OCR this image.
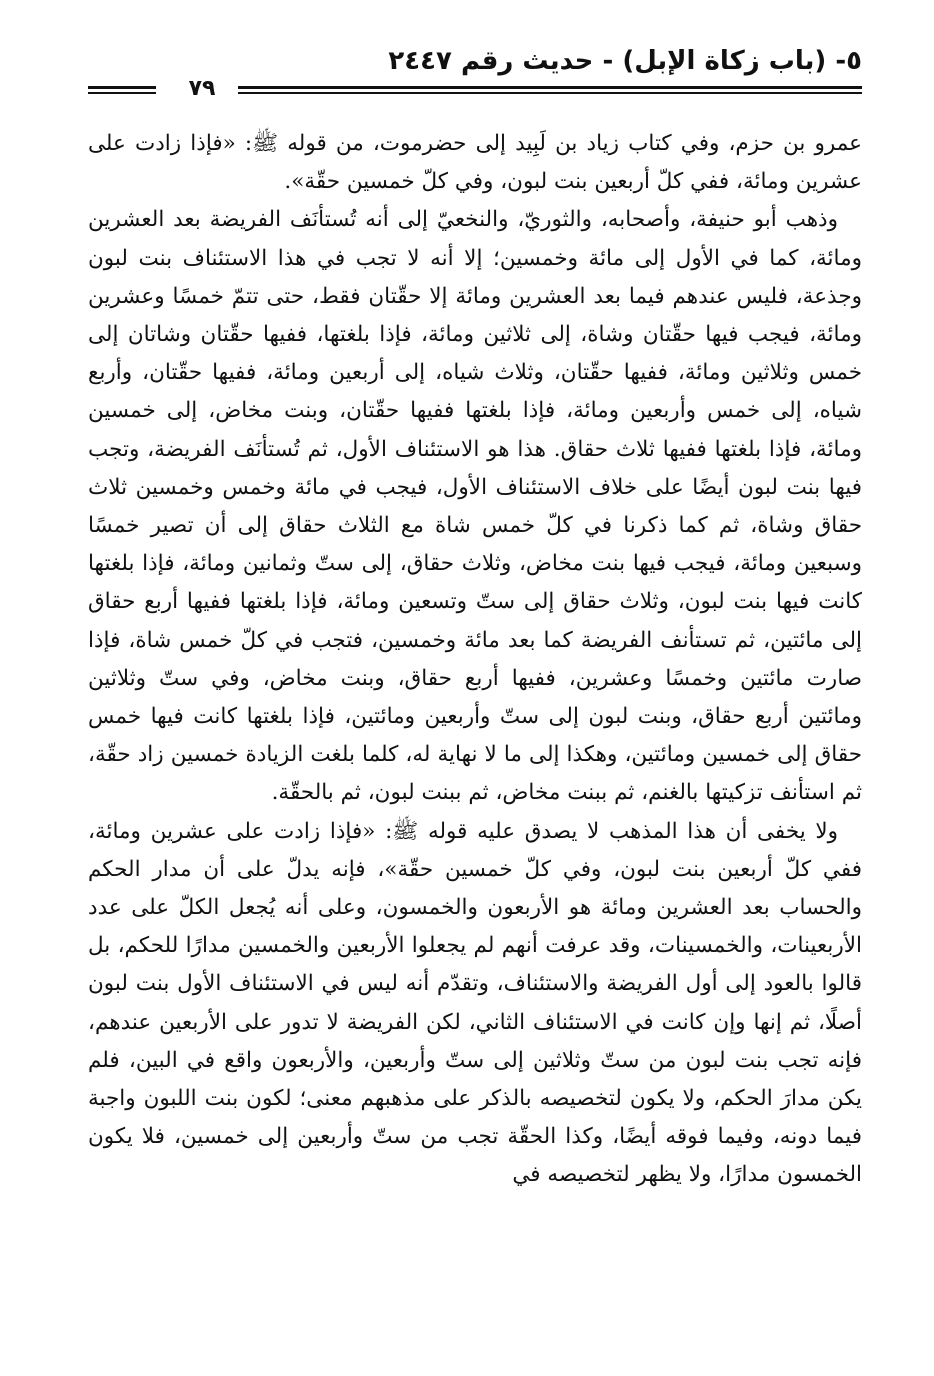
٥- (باب زكاة الإبل) - حديث رقم ٢٤٤٧
٧٩

عمرو بن حزم، وفي كتاب زياد بن لَبِيد إلى حضرموت، من قوله ﷺ: «فإذا زادت على عشرين ومائة، ففي كلّ أربعين بنت لبون، وفي كلّ خمسين حقّة».

وذهب أبو حنيفة، وأصحابه، والثوريّ، والنخعيّ إلى أنه تُستأنَف الفريضة بعد العشرين ومائة، كما في الأول إلى مائة وخمسين؛ إلا أنه لا تجب في هذا الاستئناف بنت لبون وجذعة، فليس عندهم فيما بعد العشرين ومائة إلا حقّتان فقط، حتى تتمّ خمسًا وعشرين ومائة، فيجب فيها حقّتان وشاة، إلى ثلاثين ومائة، فإذا بلغتها، ففيها حقّتان وشاتان إلى خمس وثلاثين ومائة، ففيها حقّتان، وثلاث شياه، إلى أربعين ومائة، ففيها حقّتان، وأربع شياه، إلى خمس وأربعين ومائة، فإذا بلغتها ففيها حقّتان، وبنت مخاض، إلى خمسين ومائة، فإذا بلغتها ففيها ثلاث حقاق. هذا هو الاستئناف الأول، ثم تُستأنَف الفريضة، وتجب فيها بنت لبون أيضًا على خلاف الاستئناف الأول، فيجب في مائة وخمس وخمسين ثلاث حقاق وشاة، ثم كما ذكرنا في كلّ خمس شاة مع الثلاث حقاق إلى أن تصير خمسًا وسبعين ومائة، فيجب فيها بنت مخاض، وثلاث حقاق، إلى ستّ وثمانين ومائة، فإذا بلغتها كانت فيها بنت لبون، وثلاث حقاق إلى ستّ وتسعين ومائة، فإذا بلغتها ففيها أربع حقاق إلى مائتين، ثم تستأنف الفريضة كما بعد مائة وخمسين، فتجب في كلّ خمس شاة، فإذا صارت مائتين وخمسًا وعشرين، ففيها أربع حقاق، وبنت مخاض، وفي ستّ وثلاثين ومائتين أربع حقاق، وبنت لبون إلى ستّ وأربعين ومائتين، فإذا بلغتها كانت فيها خمس حقاق إلى خمسين ومائتين، وهكذا إلى ما لا نهاية له، كلما بلغت الزيادة خمسين زاد حقّة، ثم استأنف تزكيتها بالغنم، ثم ببنت مخاض، ثم ببنت لبون، ثم بالحقّة.

ولا يخفى أن هذا المذهب لا يصدق عليه قوله ﷺ: «فإذا زادت على عشرين ومائة، ففي كلّ أربعين بنت لبون، وفي كلّ خمسين حقّة»، فإنه يدلّ على أن مدار الحكم والحساب بعد العشرين ومائة هو الأربعون والخمسون، وعلى أنه يُجعل الكلّ على عدد الأربعينات، والخمسينات، وقد عرفت أنهم لم يجعلوا الأربعين والخمسين مدارًا للحكم، بل قالوا بالعود إلى أول الفريضة والاستئناف، وتقدّم أنه ليس في الاستئناف الأول بنت لبون أصلًا، ثم إنها وإن كانت في الاستئناف الثاني، لكن الفريضة لا تدور على الأربعين عندهم، فإنه تجب بنت لبون من ستّ وثلاثين إلى ستّ وأربعين، والأربعون واقع في البين، فلم يكن مدارَ الحكم، ولا يكون لتخصيصه بالذكر على مذهبهم معنى؛ لكون بنت اللبون واجبة فيما دونه، وفيما فوقه أيضًا، وكذا الحقّة تجب من ستّ وأربعين إلى خمسين، فلا يكون الخمسون مدارًا، ولا يظهر لتخصيصه في
